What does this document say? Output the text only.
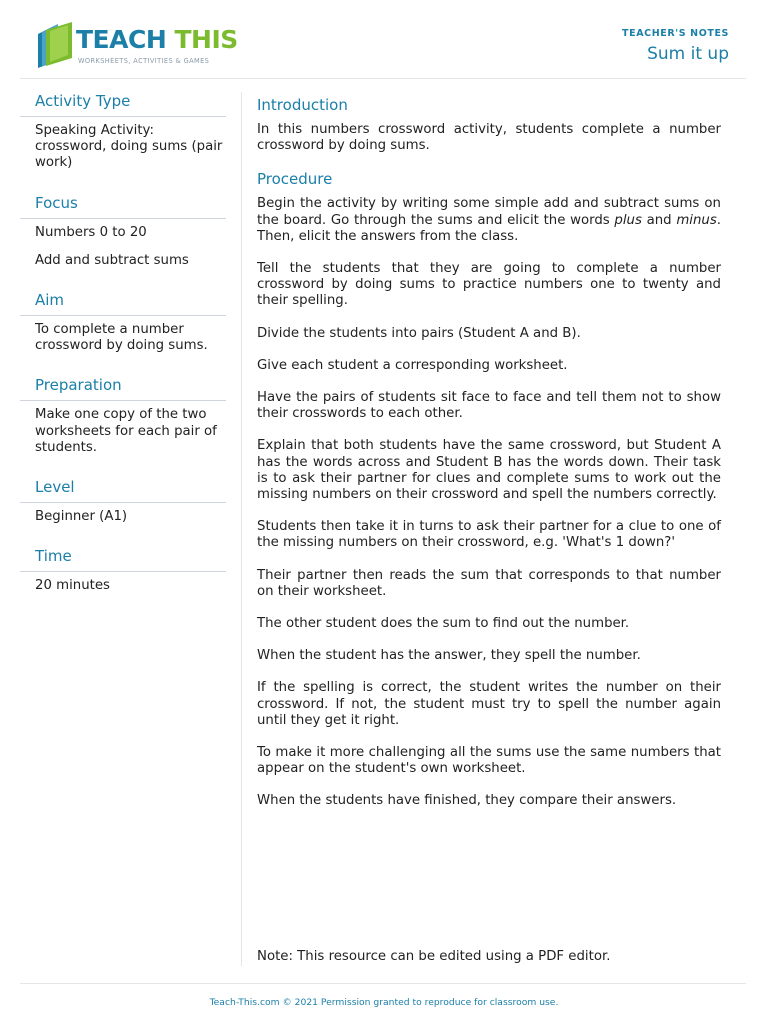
TEACH THIS
WORKSHEETS, ACTIVITIES & GAMES
TEACHER'S NOTES
Sum it up
Activity Type

Speaking Activity: crossword, doing sums (pair work)

Focus

Numbers 0 to 20

Add and subtract sums

Aim

To complete a number crossword by doing sums.

Preparation

Make one copy of the two worksheets for each pair of students.

Level

Beginner (A1)

Time

20 minutes

Introduction

In this numbers crossword activity, students complete a number crossword by doing sums.

Procedure

Begin the activity by writing some simple add and subtract sums on the board. Go through the sums and elicit the words plus and minus. Then, elicit the answers from the class.

Tell the students that they are going to complete a number crossword by doing sums to practice numbers one to twenty and their spelling.

Divide the students into pairs (Student A and B).

Give each student a corresponding worksheet.

Have the pairs of students sit face to face and tell them not to show their crosswords to each other.

Explain that both students have the same crossword, but Student A has the words across and Student B has the words down. Their task is to ask their partner for clues and complete sums to work out the missing numbers on their crossword and spell the numbers correctly.

Students then take it in turns to ask their partner for a clue to one of the missing numbers on their crossword, e.g. 'What's 1 down?'

Their partner then reads the sum that corresponds to that number on their worksheet.

The other student does the sum to find out the number.

When the student has the answer, they spell the number.

If the spelling is correct, the student writes the number on their crossword. If not, the student must try to spell the number again until they get it right.

To make it more challenging all the sums use the same numbers that appear on the student's own worksheet.

When the students have finished, they compare their answers.

Note: This resource can be edited using a PDF editor.
Teach-This.com © 2021 Permission granted to reproduce for classroom use.
